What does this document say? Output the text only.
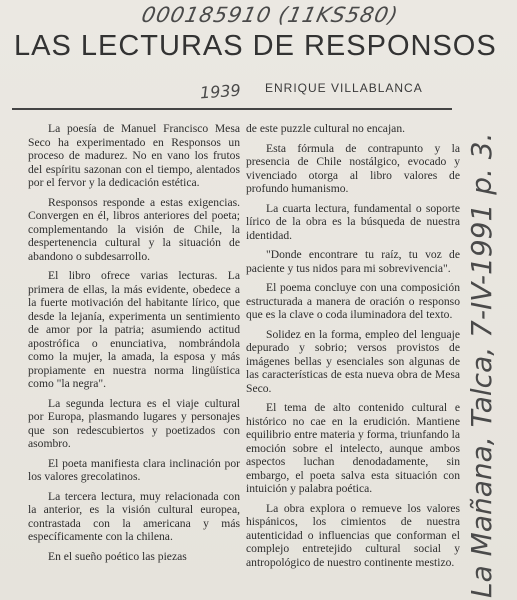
000185910 (11KS580)
LAS LECTURAS DE RESPONSOS
1939 ENRIQUE VILLABLANCA

La poesía de Manuel Francisco Mesa Seco ha experimentado en Responsos un proceso de madurez. No en vano los frutos del espíritu sazonan con el tiempo, alentados por el fervor y la dedicación estética.

Responsos responde a estas exigencias. Convergen en él, libros anteriores del poeta; complementando la visión de Chile, la despertenencia cultural y la situación de abandono o subdesarrollo.

El libro ofrece varias lecturas. La primera de ellas, la más evidente, obedece a la fuerte motivación del habitante lírico, que desde la lejanía, experimenta un sentimiento de amor por la patria; asumiendo actitud apostrófica o enunciativa, nombrándola como la mujer, la amada, la esposa y más propiamente en nuestra norma lingüística como "la negra".

La segunda lectura es el viaje cultural por Europa, plasmando lugares y personajes que son redescubiertos y poetizados con asombro.

El poeta manifiesta clara inclinación por los valores grecolatinos.

La tercera lectura, muy relacionada con la anterior, es la visión cultural europea, contrastada con la americana y más específicamente con la chilena.

En el sueño poético las piezas

de este puzzle cultural no encajan.

Esta fórmula de contrapunto y la presencia de Chile nostálgico, evocado y vivenciado otorga al libro valores de profundo humanismo.

La cuarta lectura, fundamental o soporte lírico de la obra es la búsqueda de nuestra identidad.

"Donde encontrare tu raíz, tu voz de paciente y tus nidos para mi sobrevivencia".

El poema concluye con una composición estructurada a manera de oración o responso que es la clave o coda iluminadora del texto.

Solidez en la forma, empleo del lenguaje depurado y sobrio; versos provistos de imágenes bellas y esenciales son algunas de las características de esta nueva obra de Mesa Seco.

El tema de alto contenido cultural e histórico no cae en la erudición. Mantiene equilibrio entre materia y forma, triunfando la emoción sobre el intelecto, aunque ambos aspectos luchan denodadamente, sin embargo, el poeta salva esta situación con intuición y palabra poética.

La obra explora o remueve los valores hispánicos, los cimientos de nuestra autenticidad o influencias que conforman el complejo entretejido cultural social y antropológico de nuestro continente mestizo. La Mañana, Talca, 7-IV-1991 p. 3.
